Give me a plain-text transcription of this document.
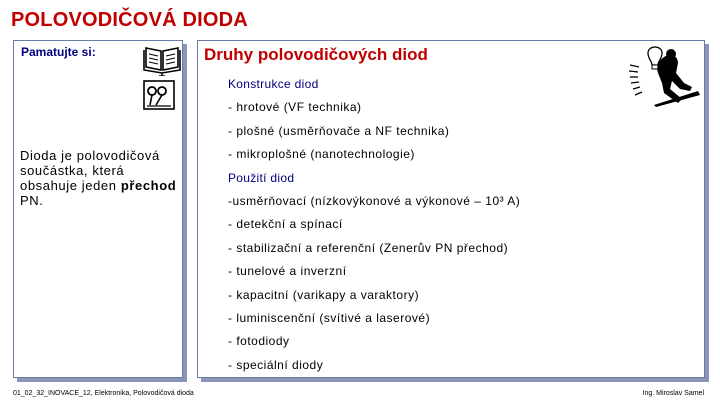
POLOVODIČOVÁ DIODA
Pamatujte si:
Dioda je polovodičová součástka, která obsahuje jeden přechod PN.
Druhy polovodičových diod
Konstrukce diod
- hrotové (VF technika)
- plošné (usměrňovače a NF technika)
- mikroplošné (nanotechnologie)
Použití diod
-usměrňovací (nízkovýkonové a výkonové – 10³ A)
- detekční a spínací
- stabilizační a referenční (Zenerův PN přechod)
- tunelové a inverzní
- kapacitní (varikapy a varaktory)
- luminiscenční (svítivé a laserové)
- fotodiody
- speciální diody
01_02_32_INOVACE_12, Elektronika, Polovodičová dioda	Ing. Miroslav Samel
